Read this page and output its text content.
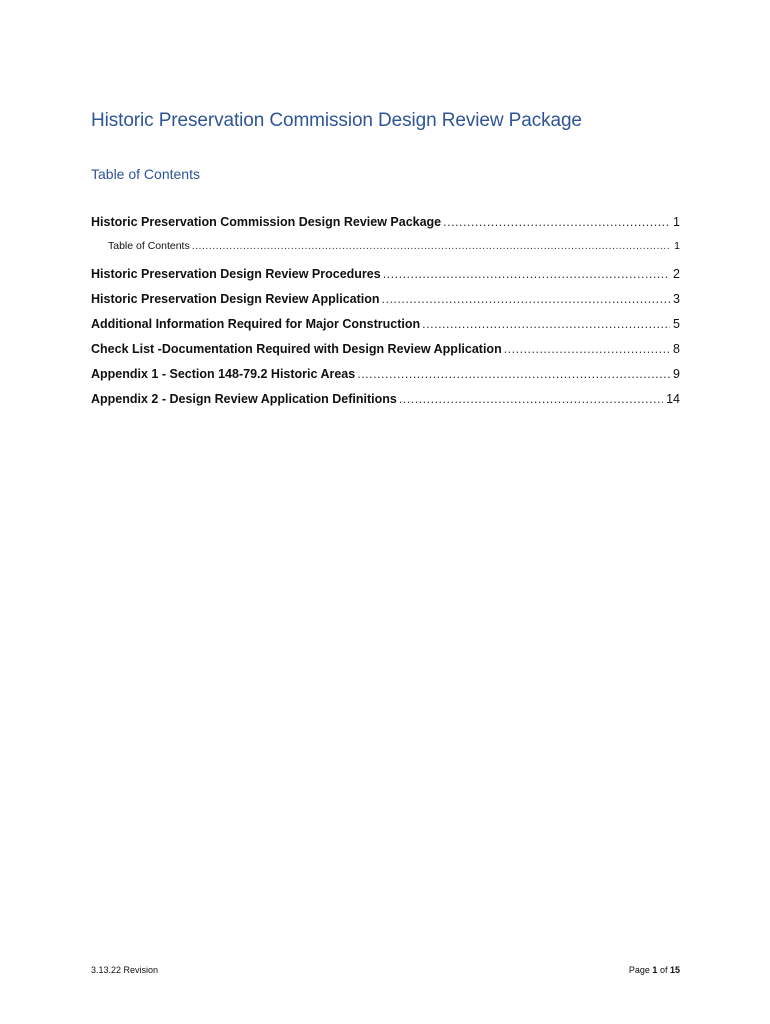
Historic Preservation Commission Design Review Package
Table of Contents
Historic Preservation Commission Design Review Package .....	1
Table of Contents .....	1
Historic Preservation Design Review Procedures .....	2
Historic Preservation Design Review Application .....	3
Additional Information Required for Major Construction .....	5
Check List -Documentation Required with Design Review Application .....	8
Appendix 1 - Section 148-79.2 Historic Areas .....	9
Appendix 2 - Design Review Application Definitions .....	14
3.13.22 Revision	Page 1 of 15
